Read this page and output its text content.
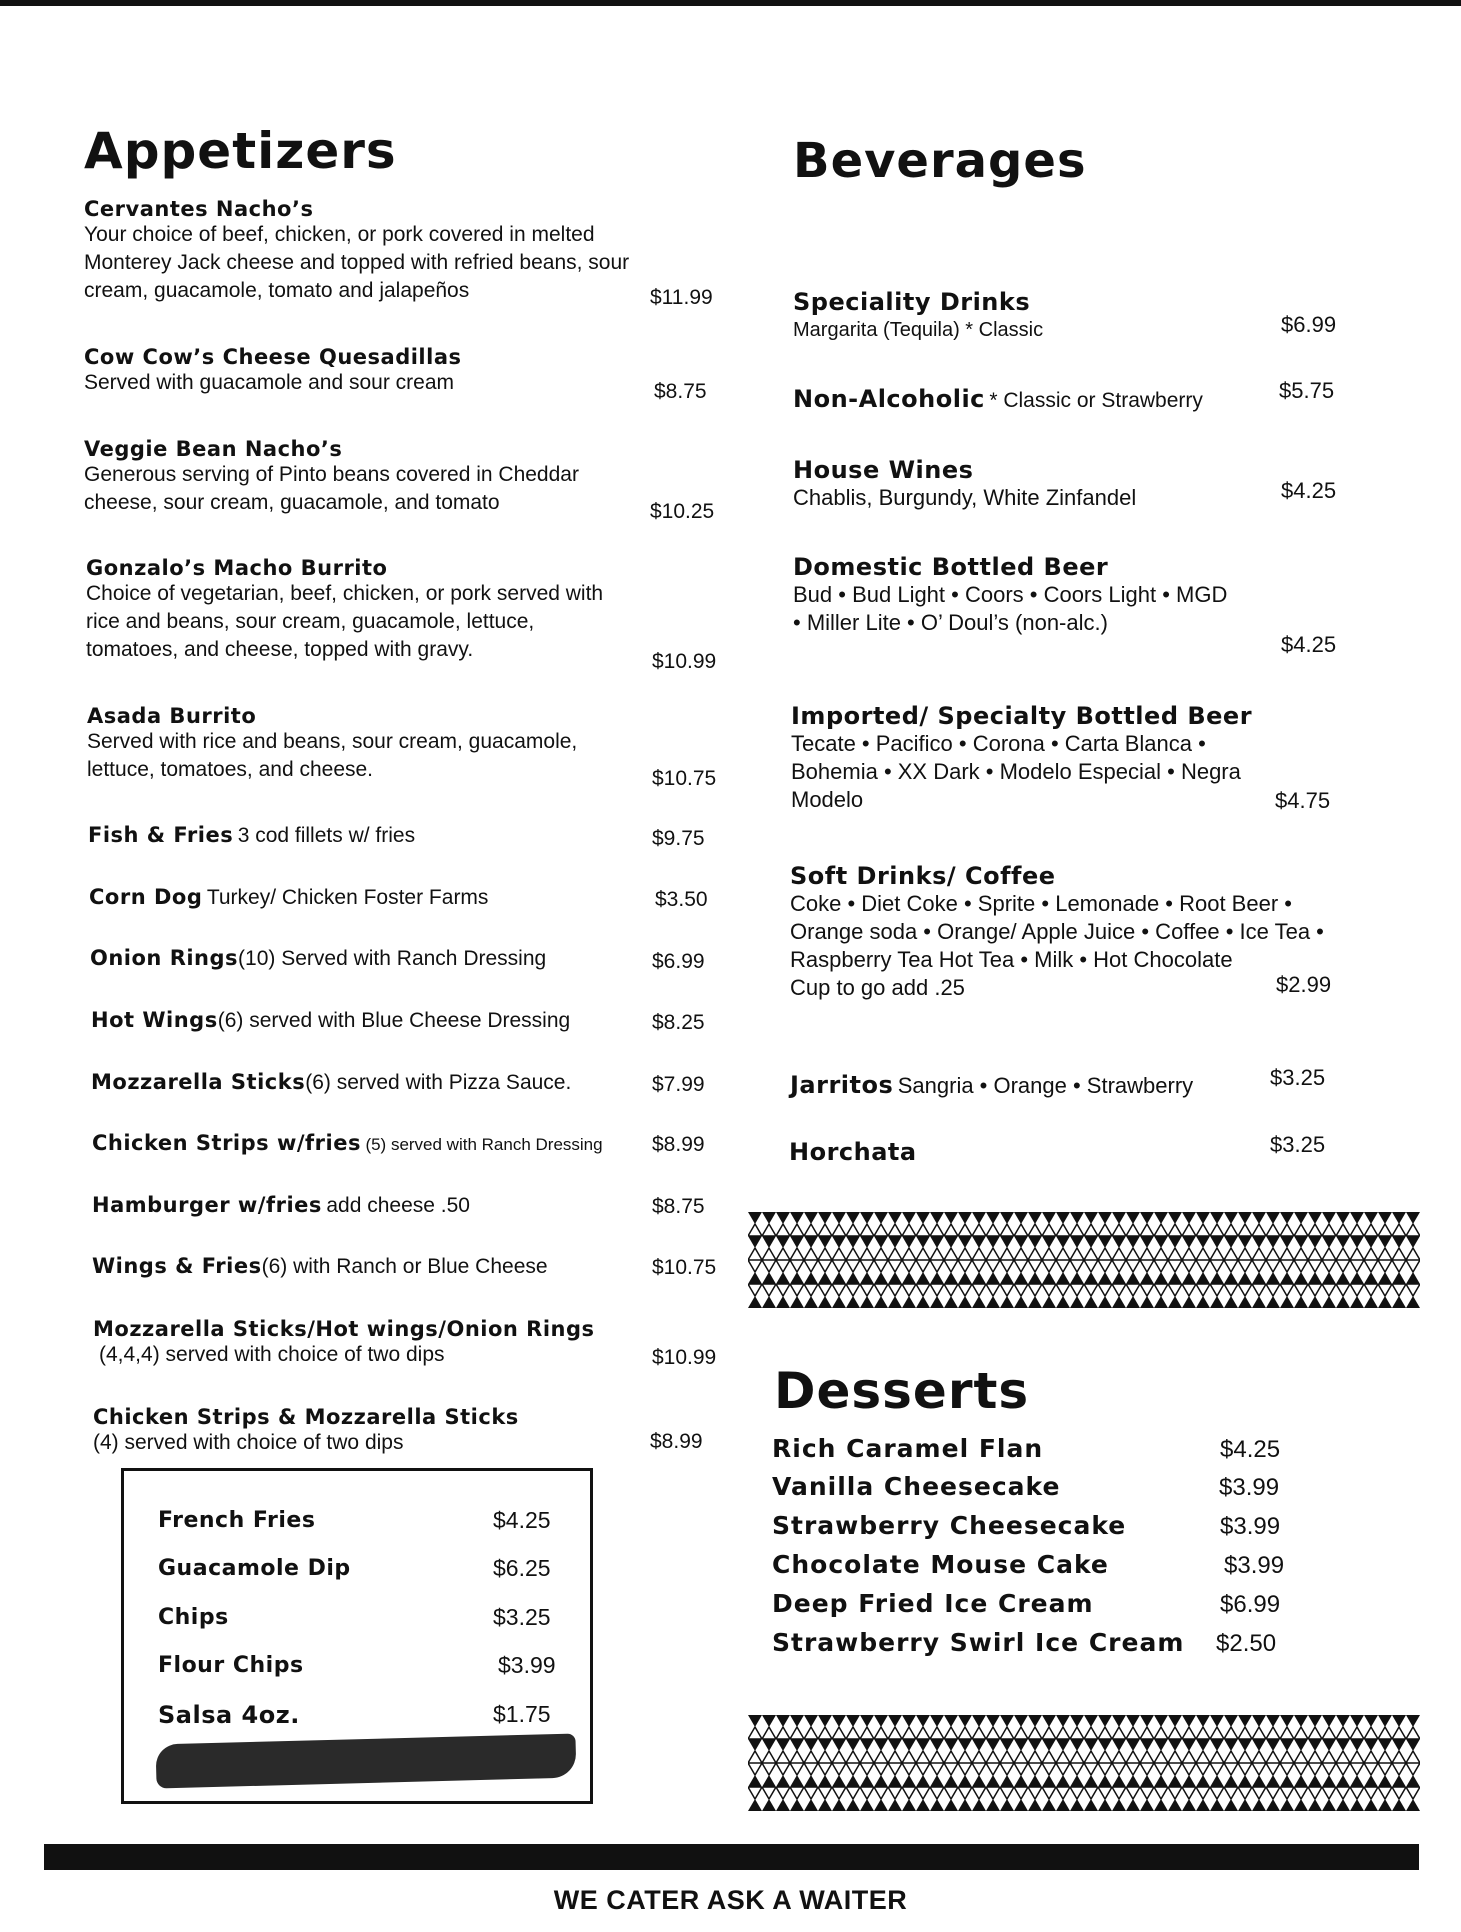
Appetizers
Cervantes Nacho’s
Your choice of beef, chicken, or pork covered in melted Monterey Jack cheese and topped with refried beans, sour cream, guacamole, tomato and jalapeños	$11.99
Cow Cow’s Cheese Quesadillas
Served with guacamole and sour cream	$8.75
Veggie Bean Nacho’s
Generous serving of Pinto beans covered in Cheddar cheese, sour cream, guacamole, and tomato	$10.25
Gonzalo’s Macho Burrito
Choice of vegetarian, beef, chicken, or pork served with rice and beans, sour cream, guacamole, lettuce, tomatoes, and cheese, topped with gravy.
$10.99
Asada Burrito
Served with rice and beans, sour cream, guacamole, lettuce, tomatoes, and cheese.	$10.75
Fish & Fries 3 cod fillets w/ fries	$9.75
Corn Dog Turkey/ Chicken Foster Farms	$3.50
Onion Rings(10) Served with Ranch Dressing	$6.99
Hot Wings(6) served with Blue Cheese Dressing	$8.25
Mozzarella Sticks(6) served with Pizza Sauce.	$7.99
Chicken Strips w/fries (5) served with Ranch Dressing	$8.99
Hamburger w/fries add cheese .50	$8.75
Wings & Fries(6) with Ranch or Blue Cheese	$10.75
Mozzarella Sticks/Hot wings/Onion Rings
(4,4,4) served with choice of two dips	$10.99
Chicken Strips & Mozzarella Sticks
(4) served with choice of two dips	$8.99
French Fries	$4.25
Guacamole Dip	$6.25
Chips	$3.25
Flour Chips	$3.99
Salsa 4oz.	$1.75
Beverages
Speciality Drinks
Margarita (Tequila) * Classic	$6.99
Non-Alcoholic * Classic or Strawberry	$5.75
House Wines
Chablis, Burgundy, White Zinfandel	$4.25
Domestic Bottled Beer
Bud • Bud Light • Coors • Coors Light • MGD • Miller Lite • O’ Doul’s (non-alc.)
$4.25
Imported/ Specialty Bottled Beer
Tecate • Pacifico • Corona • Carta Blanca • Bohemia • XX Dark • Modelo Especial • Negra Modelo	$4.75
Soft Drinks/ Coffee
Coke • Diet Coke • Sprite • Lemonade • Root Beer • Orange soda • Orange/ Apple Juice • Coffee • Ice Tea • Raspberry Tea Hot Tea • Milk • Hot Chocolate
Cup to go add .25	$2.99
Jarritos Sangria • Orange • Strawberry	$3.25
Horchata	$3.25
Desserts
Rich Caramel Flan	$4.25
Vanilla Cheesecake	$3.99
Strawberry Cheesecake	$3.99
Chocolate Mouse Cake	$3.99
Deep Fried Ice Cream	$6.99
Strawberry Swirl Ice Cream $2.50
WE CATER ASK A WAITER
